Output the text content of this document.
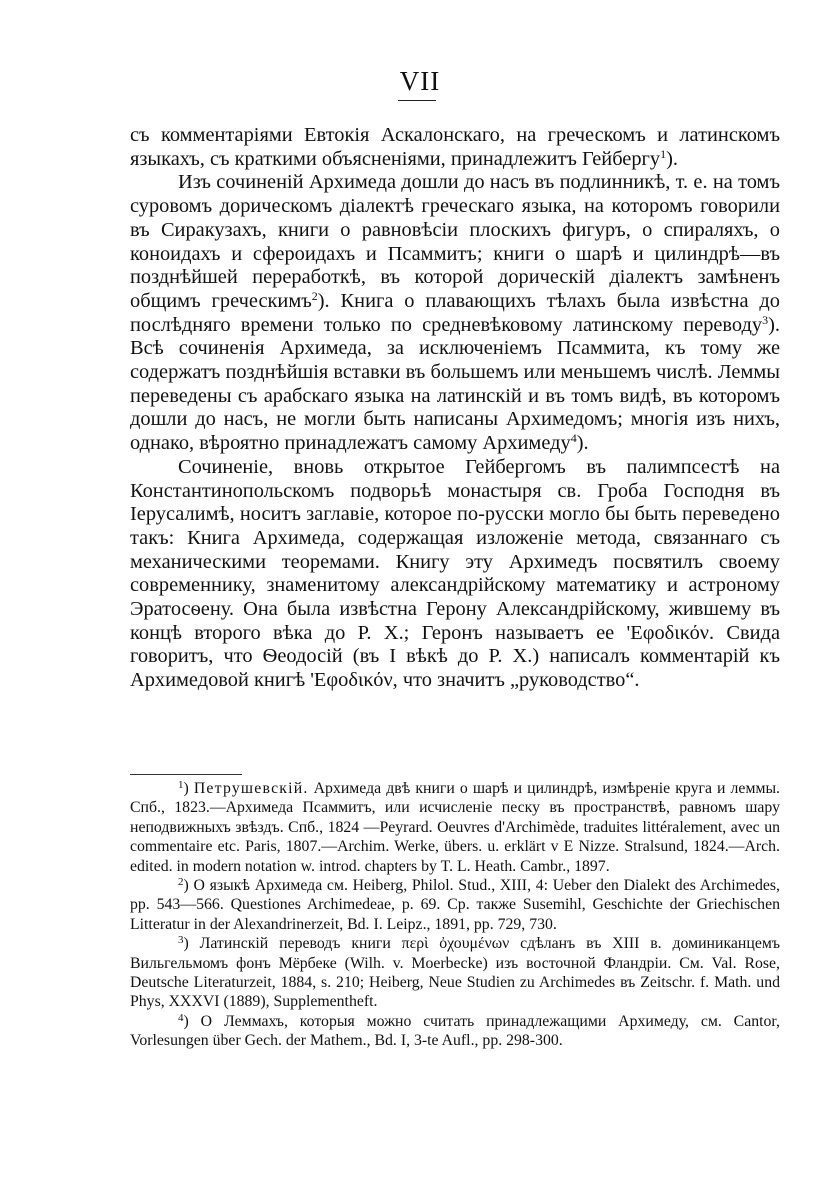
VII

съ комментаріями Евтокія Аскалонскаго, на греческомъ и латинскомъ языкахъ, съ краткими объясненіями, принадлежитъ Гейбергу$^1$).

Изъ сочиненій Архимеда дошли до насъ въ подлинникѣ, т. е. на томъ суровомъ дорическомъ діалектѣ греческаго языка, на которомъ говорили въ Сиракузахъ, книги о равновѣсіи плоскихъ фигуръ, о спираляхъ, о коноидахъ и сфероидахъ и Псаммитъ; книги о шарѣ и цилиндрѣ—въ позднѣйшей переработкѣ, въ которой дорическій діалектъ замѣненъ общимъ греческимъ$^2$). Книга о плавающихъ тѣлахъ была извѣстна до послѣдняго времени только по средневѣковому латинскому переводу$^3$). Всѣ сочиненія Архимеда, за исключеніемъ Псаммита, къ тому же содержатъ позднѣйшія вставки въ большемъ или меньшемъ числѣ. Леммы переведены съ арабскаго языка на латинскій и въ томъ видѣ, въ которомъ дошли до насъ, не могли быть написаны Архимедомъ; многія изъ нихъ, однако, вѣроятно принадлежатъ самому Архимеду$^4$).

Сочиненіе, вновь открытое Гейбергомъ въ палимпсестѣ на Константинопольскомъ подворьѣ монастыря св. Гроба Господня въ Іерусалимѣ, носитъ заглавіе, которое по-русски могло бы быть переведено такъ: Книга Архимеда, содержащая изложеніе метода, связаннаго съ механическими теоремами. Книгу эту Архимедъ посвятилъ своему современнику, знаменитому александрійскому математику и астроному Эратосѳену. Она была извѣстна Герону Александрійскому, жившему въ концѣ второго вѣка до Р. Х.; Геронъ называетъ ее 'Εφοδικόν. Свида говоритъ, что Ѳеодосій (въ I вѣкѣ до Р. Х.) написалъ комментарій къ Архимедовой книгѣ 'Εφοδικόν, что значитъ „руководство“.

$^1$) Петрушевскій. Архимеда двѣ книги о шарѣ и цилиндрѣ, измѣреніе круга и леммы. Спб., 1823.—Архимеда Псаммитъ, или исчисленіе песку въ пространствѣ, равномъ шару неподвижныхъ звѣздъ. Спб., 1824 —Peyrard. Oeuvres d'Archimède, traduites littéralement, avec un commentaire etc. Paris, 1807.—Archim. Werke, übers. u. erklärt v E Nizze. Stralsund, 1824.—Arch. edited. in modern notation w. introd. chapters by T. L. Heath. Cambr., 1897.

$^2$) О языкѣ Архимеда см. Heiberg, Philol. Stud., XIII, 4: Ueber den Dialekt des Archimedes, pp. 543—566. Questiones Archimedeae, p. 69. Ср. также Susemihl, Geschichte der Griechischen Litteratur in der Alexandrinerzeit, Bd. I. Leipz., 1891, pp. 729, 730.

$^3$) Латинскій переводъ книги περὶ ὀχουμένων сдѣланъ въ XIII в. доминиканцемъ Вильгельмомъ фонъ Мёрбеке (Wilh. v. Moerbecke) изъ восточной Фландріи. См. Val. Rose, Deutsche Literaturzeit, 1884, s. 210; Heiberg, Neue Studien zu Archimedes въ Zeitschr. f. Math. und Phys, XXXVI (1889), Supplementheft.

$^4$) О Леммахъ, которыя можно считать принадлежащими Архимеду, см. Cantor, Vorlesungen über Gech. der Mathem., Bd. I, 3-te Aufl., pp. 298-300.
